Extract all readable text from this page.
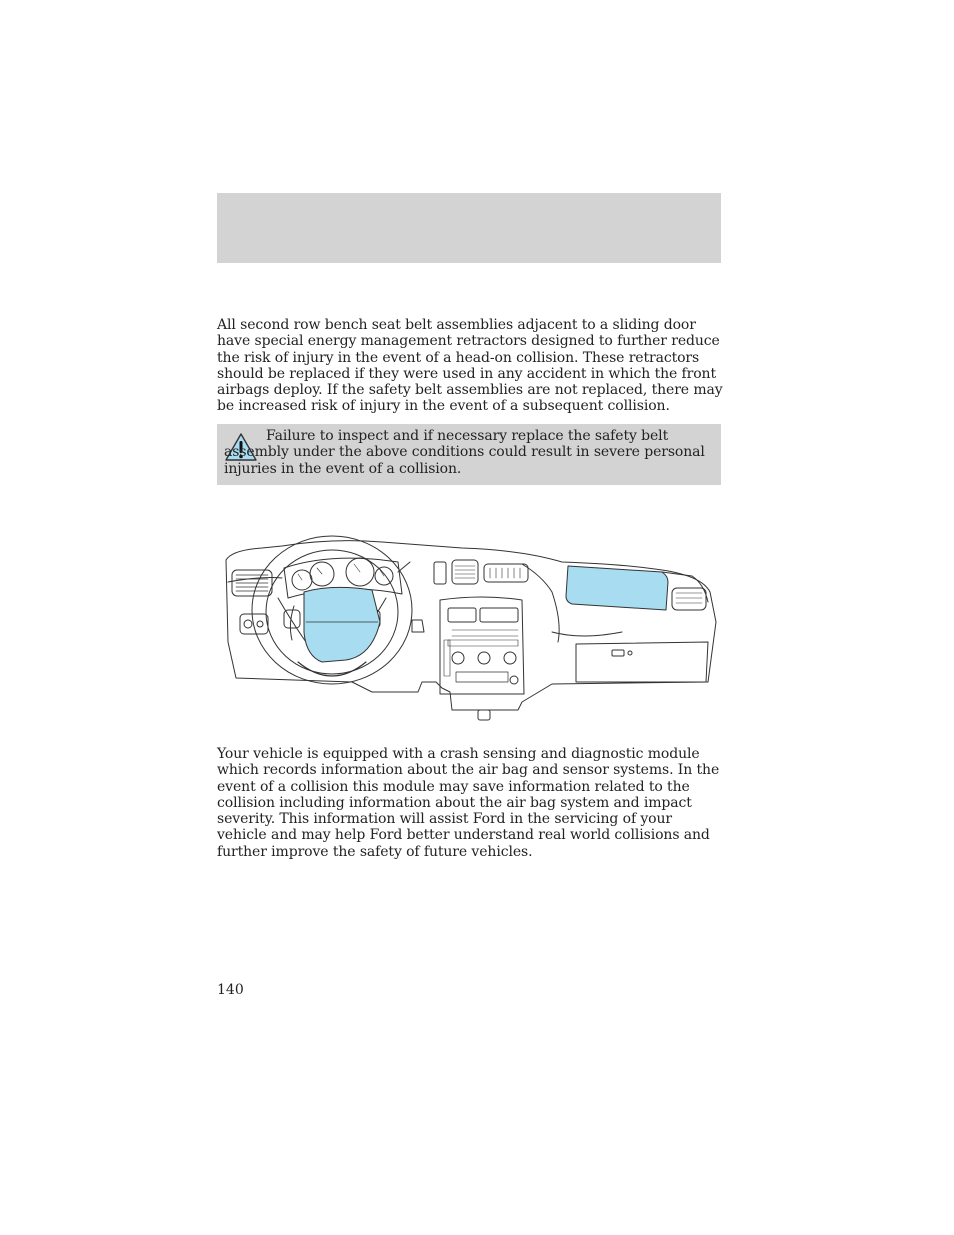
All second row bench seat belt assemblies adjacent to a sliding door have special energy management retractors designed to further reduce the risk of injury in the event of a head-on collision. These retractors should be replaced if they were used in any accident in which the front airbags deploy. If the safety belt assemblies are not replaced, there may be increased risk of injury in the event of a subsequent collision.

Failure to inspect and if necessary replace the safety belt assembly under the above conditions could result in severe personal injuries in the event of a collision.

Your vehicle is equipped with a crash sensing and diagnostic module which records information about the air bag and sensor systems. In the event of a collision this module may save information related to the collision including information about the air bag system and impact severity. This information will assist Ford in the servicing of your vehicle and may help Ford better understand real world collisions and further improve the safety of future vehicles.

140
